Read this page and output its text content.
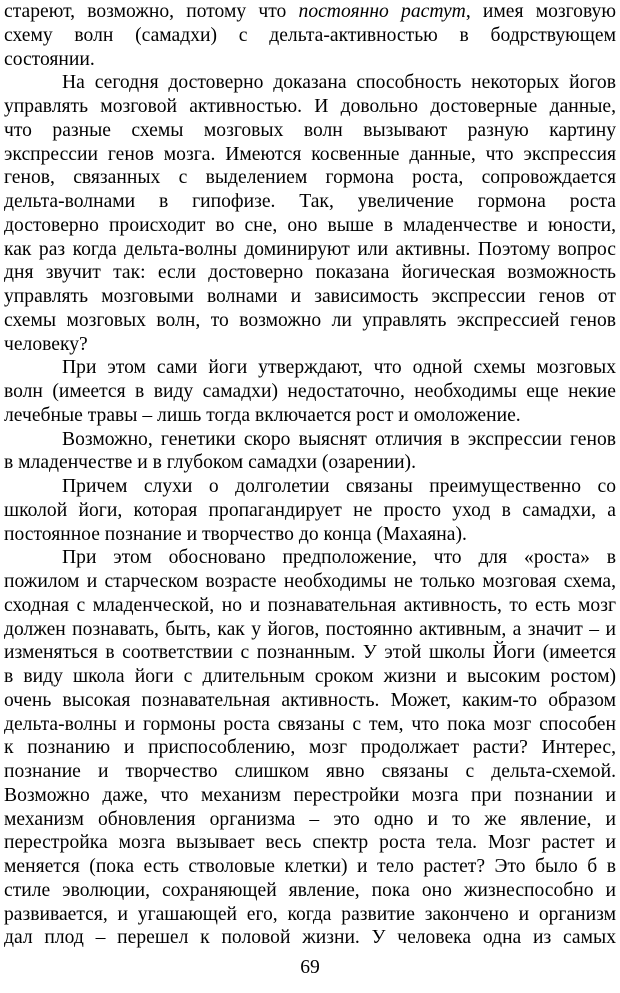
стареют, возможно, потому что постоянно растут, имея мозговую
схему волн (самадхи) с дельта-активностью в бодрствующем
состоянии.
На сегодня достоверно доказана способность некоторых йогов
управлять мозговой активностью. И довольно достоверные данные,
что разные схемы мозговых волн вызывают разную картину
экспрессии генов мозга. Имеются косвенные данные, что экспрессия
генов, связанных с выделением гормона роста, сопровождается
дельта-волнами в гипофизе. Так, увеличение гормона роста
достоверно происходит во сне, оно выше в младенчестве и юности,
как раз когда дельта-волны доминируют или активны. Поэтому вопрос
дня звучит так: если достоверно показана йогическая возможность
управлять мозговыми волнами и зависимость экспрессии генов от
схемы мозговых волн, то возможно ли управлять экспрессией генов
человеку?
При этом сами йоги утверждают, что одной схемы мозговых
волн (имеется в виду самадхи) недостаточно, необходимы еще некие
лечебные травы – лишь тогда включается рост и омоложение.
Возможно, генетики скоро выяснят отличия в экспрессии генов
в младенчестве и в глубоком самадхи (озарении).
Причем слухи о долголетии связаны преимущественно со
школой йоги, которая пропагандирует не просто уход в самадхи, а
постоянное познание и творчество до конца (Махаяна).
При этом обосновано предположение, что для «роста» в
пожилом и старческом возрасте необходимы не только мозговая схема,
сходная с младенческой, но и познавательная активность, то есть мозг
должен познавать, быть, как у йогов, постоянно активным, а значит – и
изменяться в соответствии с познанным. У этой школы Йоги (имеется
в виду школа йоги с длительным сроком жизни и высоким ростом)
очень высокая познавательная активность. Может, каким-то образом
дельта-волны и гормоны роста связаны с тем, что пока мозг способен
к познанию и приспособлению, мозг продолжает расти? Интерес,
познание и творчество слишком явно связаны с дельта-схемой.
Возможно даже, что механизм перестройки мозга при познании и
механизм обновления организма – это одно и то же явление, и
перестройка мозга вызывает весь спектр роста тела. Мозг растет и
меняется (пока есть стволовые клетки) и тело растет? Это было б в
стиле эволюции, сохраняющей явление, пока оно жизнеспособно и
развивается, и угашающей его, когда развитие закончено и организм
дал плод – перешел к половой жизни. У человека одна из самых
69
